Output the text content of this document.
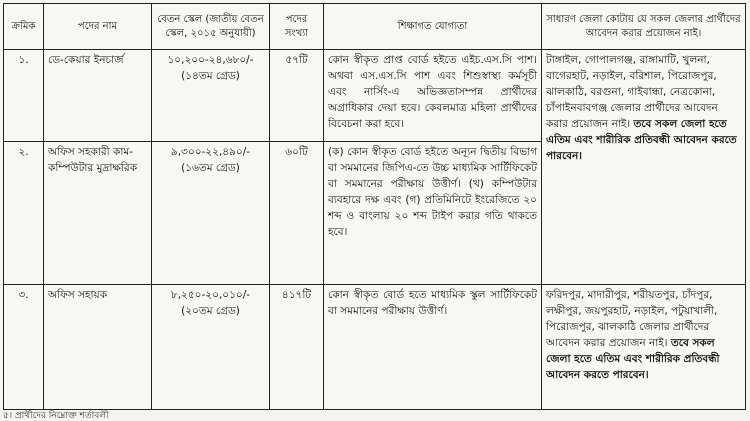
ক্রমিক	পদের নাম	বেতন স্কেল (জাতীয় বেতন স্কেল, ২০১৫ অনুযায়ী)	পদের সংখ্যা	শিক্ষাগত যোগ্যতা	সাধারণ জেলা কোটায় যে সকল জেলার প্রার্থীদের আবেদন করার প্রয়োজন নাই।
১.	ডে-কেয়ার ইনচার্জ	১০,২০০-২৪,৬৮০/- (১৪তম গ্রেড)	৫৭টি	কোন স্বীকৃত প্রাপ্ত বোর্ড হইতে এইচ.এস.সি পাশ। অথবা এস.এস.সি পাশ এবং শিশুস্বাস্থ্য কর্মসূচী এবং নার্সিং-এ অভিজ্ঞতাসম্পন্ন প্রার্থীদের অগ্রাধিকার দেয়া হবে। কেবলমাত্র মহিলা প্রার্থীদের বিবেচনা করা হবে।	টাঙ্গাইল, গোপালগঞ্জ, রাঙ্গামাটি, খুলনা, বাগেরহাট, নড়াইল, বরিশাল, পিরোজপুর, ঝালকাঠি, বরগুনা, গাইবান্ধা, নেত্রকোনা, চাঁপাইনবাবগঞ্জ জেলার প্রার্থীদের আবেদন করার প্রয়োজন নাই। তবে সকল জেলা হতে এতিম এবং শারীরিক প্রতিবন্ধী আবেদন করতে পারবেন।
২.	অফিস সহকারী কাম-কম্পিউটার মুদ্রাক্ষরিক	৯,৩০০-২২,৪৯০/- (১৬তম গ্রেড)	৬০টি	(ক) কোন স্বীকৃত বোর্ড হইতে অন্যূন দ্বিতীয় বিভাগ বা সমমানের জিপিএ-তে উচ্চ মাধ্যমিক সার্টিফিকেট বা সমমানের পরীক্ষায় উত্তীর্ণ। (খ) কম্পিউটার ব্যবহারে দক্ষ এবং (গ) প্রতিমিনিটে ইংরেজিতে ২০ শব্দ ও বাংলায় ২০ শব্দ টাইপ করার গতি থাকতে হবে।	
৩.	অফিস সহায়ক	৮,২৫০-২০,০১০/- (২০তম গ্রেড)	৪১৭টি	কোন স্বীকৃত বোর্ড হতে মাধ্যমিক স্কুল সার্টিফিকেট বা সমমানের পরীক্ষায় উত্তীর্ণ।	ফরিদপুর, মাদারীপুর, শরীয়তপুর, চাঁদপুর, লক্ষীপুর, জয়পুরহাট, নড়াইল, পটুয়াখালী, পিরোজপুর, ঝালকাঠি জেলার প্রার্থীদের আবেদন করার প্রয়োজন নাই। তবে সকল জেলা হতে এতিম এবং শারীরিক প্রতিবন্ধী আবেদন করতে পারবেন।
৫। প্রার্থীদের নিম্নোক্ত শর্তাবলী
